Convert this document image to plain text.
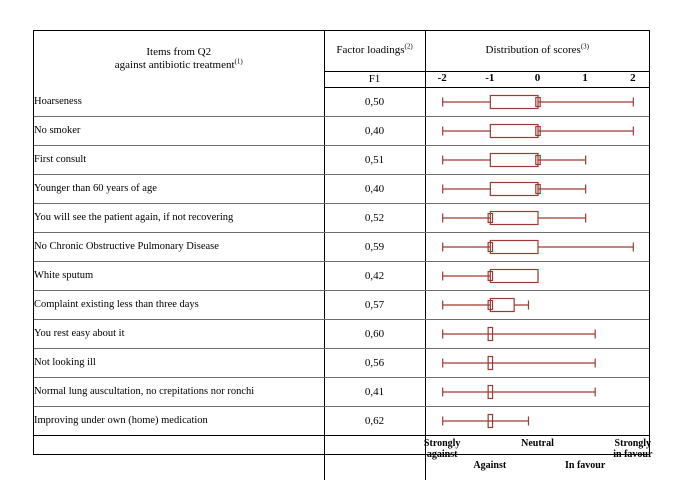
Items from Q2
against antibiotic treatment$^{(1)}$	Factor loadings$^{(2)}$	Distribution of scores$^{(3)}$
	F1	-2 -1 0 1 2

Hoarseness	0,50	

No smoker	0,40	

First consult	0,51	

Younger than 60 years of age	0,40	

You will see the patient again, if not recovering	0,52	

No Chronic Obstructive Pulmonary Disease	0,59	

White sputum	0,42	

Complaint existing less than three days	0,57	

You rest easy about it	0,60	

Not looking ill	0,56	

Normal lung auscultation, no crepitations nor ronchi	0,41	

Improving under own (home) medication	0,62	

Strongly
against
Against
Neutral
In favour
Strongly
in favour
